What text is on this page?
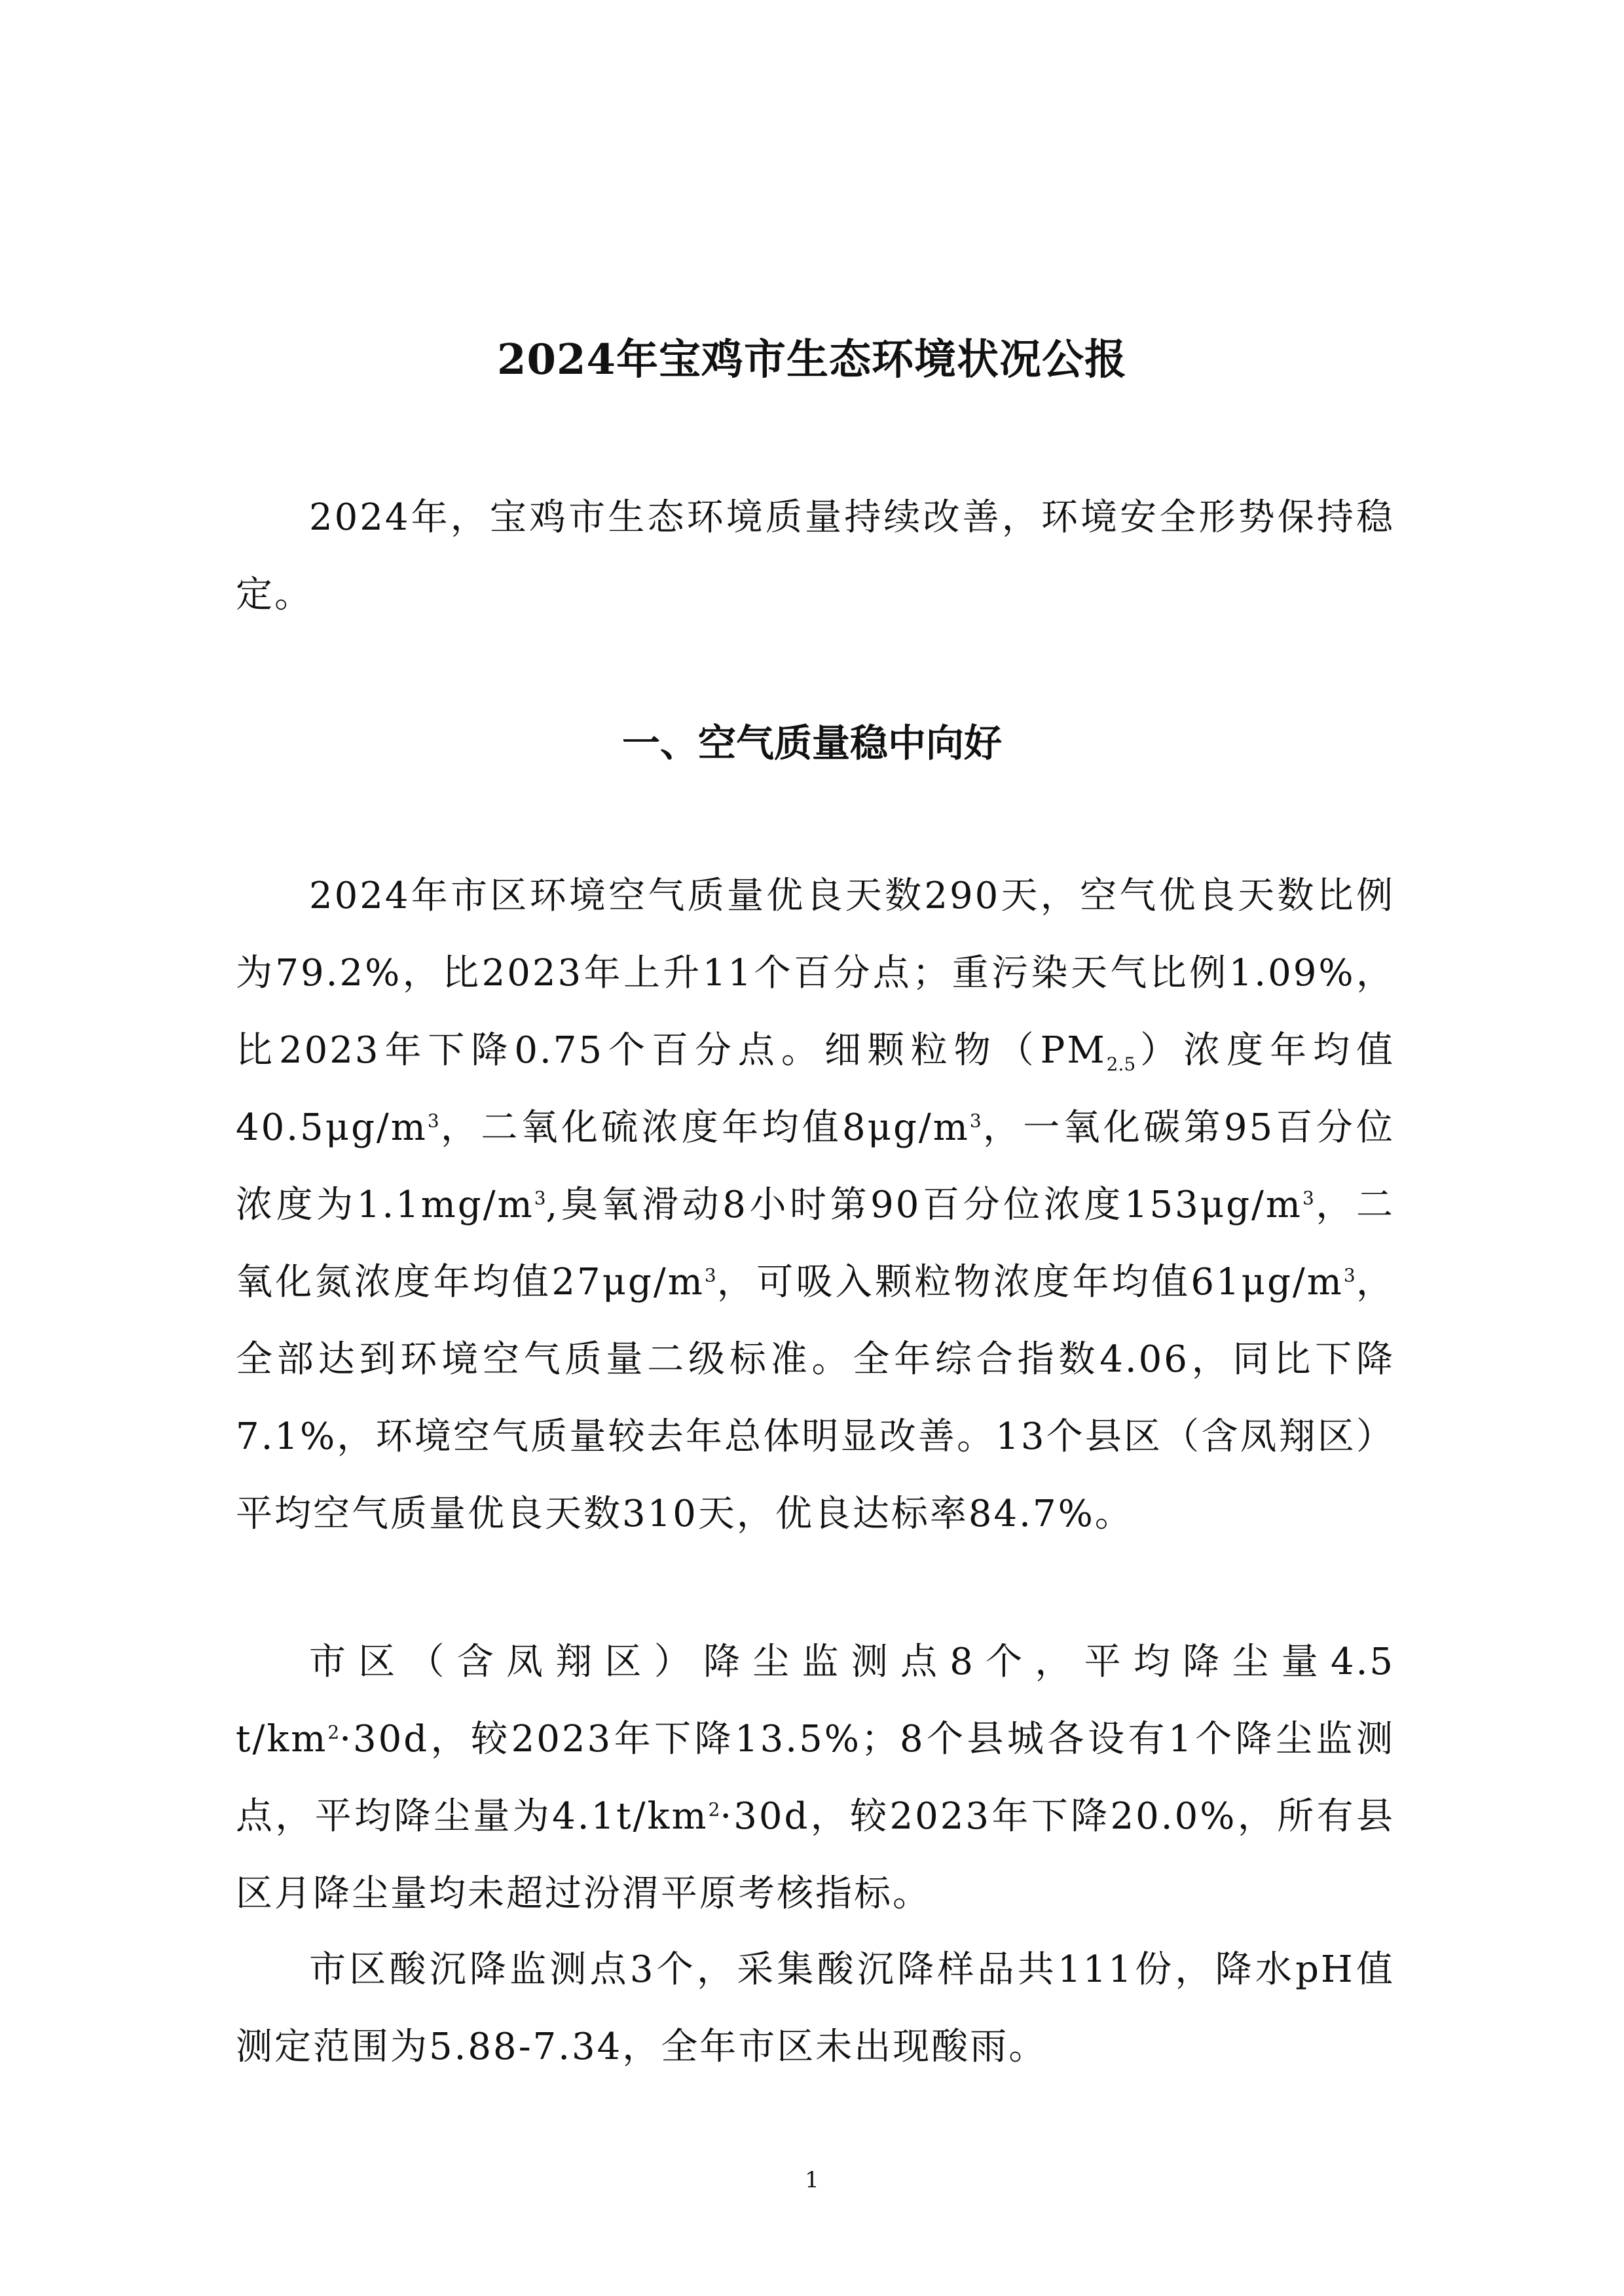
2024年宝鸡市生态环境状况公报

2024年，宝鸡市生态环境质量持续改善，环境安全形势保持稳定。

一、空气质量稳中向好

2024年市区环境空气质量优良天数290天，空气优良天数比例为79.2%，比2023年上升11个百分点；重污染天气比例1.09%，比2023年下降0.75个百分点。细颗粒物$(PM_{2.5})$浓度年均值$40.5\mu g/m^3$，二氧化硫浓度年均值$8\mu g/m^3$，一氧化碳第95百分位浓度为$1.1mg/m^3$,臭氧滑动8小时第90百分位浓度$153\mu g/m^3$，二氧化氮浓度年均值$27\mu g/m^3$，可吸入颗粒物浓度年均值$61\mu g/m^3$，全部达到环境空气质量二级标准。全年综合指数4.06，同比下降7.1%，环境空气质量较去年总体明显改善。13个县区（含凤翔区）平均空气质量优良天数310天，优良达标率84.7%。

市区（含凤翔区）降尘监测点8个，平均降尘量4.5 $t/km^2\cdot 30d$，较2023年下降13.5%；8个县城各设有1个降尘监测点，平均降尘量为$4.1t/km^2\cdot 30d$，较2023年下降20.0%，所有县区月降尘量均未超过汾渭平原考核指标。

市区酸沉降监测点3个，采集酸沉降样品共111份，降水pH值测定范围为5.88-7.34，全年市区未出现酸雨。

1
